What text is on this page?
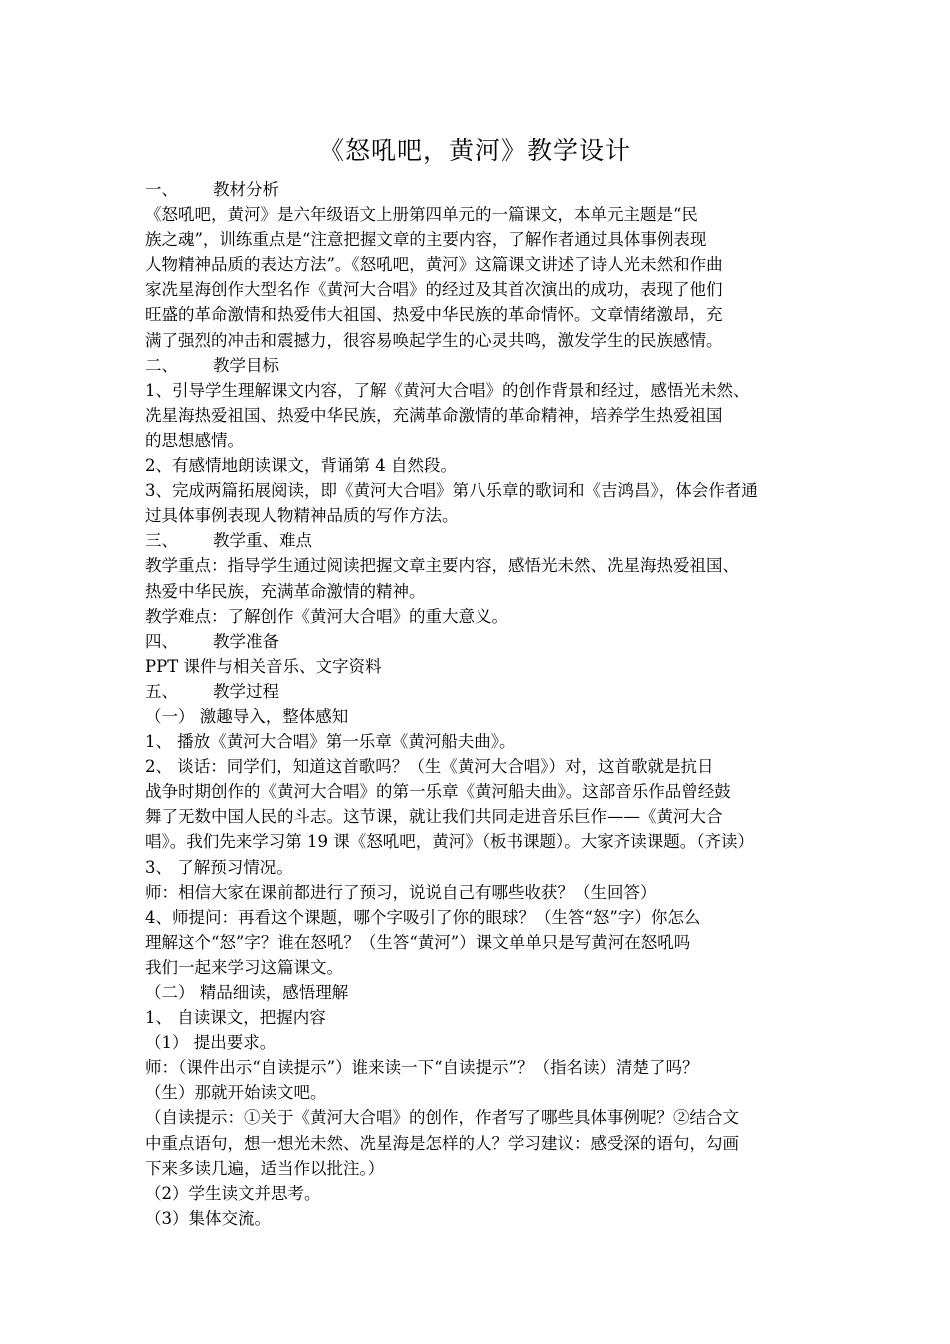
《怒吼吧，黄河》教学设计
一、 教材分析
《怒吼吧，黄河》是六年级语文上册第四单元的一篇课文，本单元主题是“民
族之魂”，训练重点是“注意把握文章的主要内容，了解作者通过具体事例表现
人物精神品质的表达方法”。《怒吼吧，黄河》这篇课文讲述了诗人光未然和作曲
家冼星海创作大型名作《黄河大合唱》的经过及其首次演出的成功，表现了他们
旺盛的革命激情和热爱伟大祖国、热爱中华民族的革命情怀。文章情绪激昂，充
满了强烈的冲击和震撼力，很容易唤起学生的心灵共鸣，激发学生的民族感情。
二、 教学目标
1、引导学生理解课文内容，了解《黄河大合唱》的创作背景和经过，感悟光未然、
冼星海热爱祖国、热爱中华民族，充满革命激情的革命精神，培养学生热爱祖国
的思想感情。
2、有感情地朗读课文，背诵第 4 自然段。
3、完成两篇拓展阅读，即《黄河大合唱》第八乐章的歌词和《吉鸿昌》，体会作者通
过具体事例表现人物精神品质的写作方法。
三、 教学重、难点
教学重点：指导学生通过阅读把握文章主要内容，感悟光未然、冼星海热爱祖国、
热爱中华民族，充满革命激情的精神。
教学难点：了解创作《黄河大合唱》的重大意义。
四、 教学准备
PPT 课件与相关音乐、文字资料
五、 教学过程
（一） 激趣导入，整体感知
1、 播放《黄河大合唱》第一乐章《黄河船夫曲》。
2、 谈话：同学们，知道这首歌吗？（生《黄河大合唱》）对，这首歌就是抗日
战争时期创作的《黄河大合唱》的第一乐章《黄河船夫曲》。这部音乐作品曾经鼓
舞了无数中国人民的斗志。这节课，就让我们共同走进音乐巨作——《黄河大合
唱》。我们先来学习第 19 课《怒吼吧，黄河》（板书课题）。大家齐读课题。（齐读）
3、 了解预习情况。
师：相信大家在课前都进行了预习，说说自己有哪些收获？（生回答）
4、师提问：再看这个课题，哪个字吸引了你的眼球？（生答“怒”字）你怎么
理解这个“怒”字？谁在怒吼？（生答“黄河”）课文单单只是写黄河在怒吼吗
我们一起来学习这篇课文。
（二） 精品细读，感悟理解
1、 自读课文，把握内容
（1） 提出要求。
师：（课件出示“自读提示”）谁来读一下“自读提示”？（指名读）清楚了吗？
（生）那就开始读文吧。
（自读提示：①关于《黄河大合唱》的创作，作者写了哪些具体事例呢？②结合文
中重点语句，想一想光未然、冼星海是怎样的人？学习建议：感受深的语句，勾画
下来多读几遍，适当作以批注。）
（2）学生读文并思考。
（3）集体交流。
